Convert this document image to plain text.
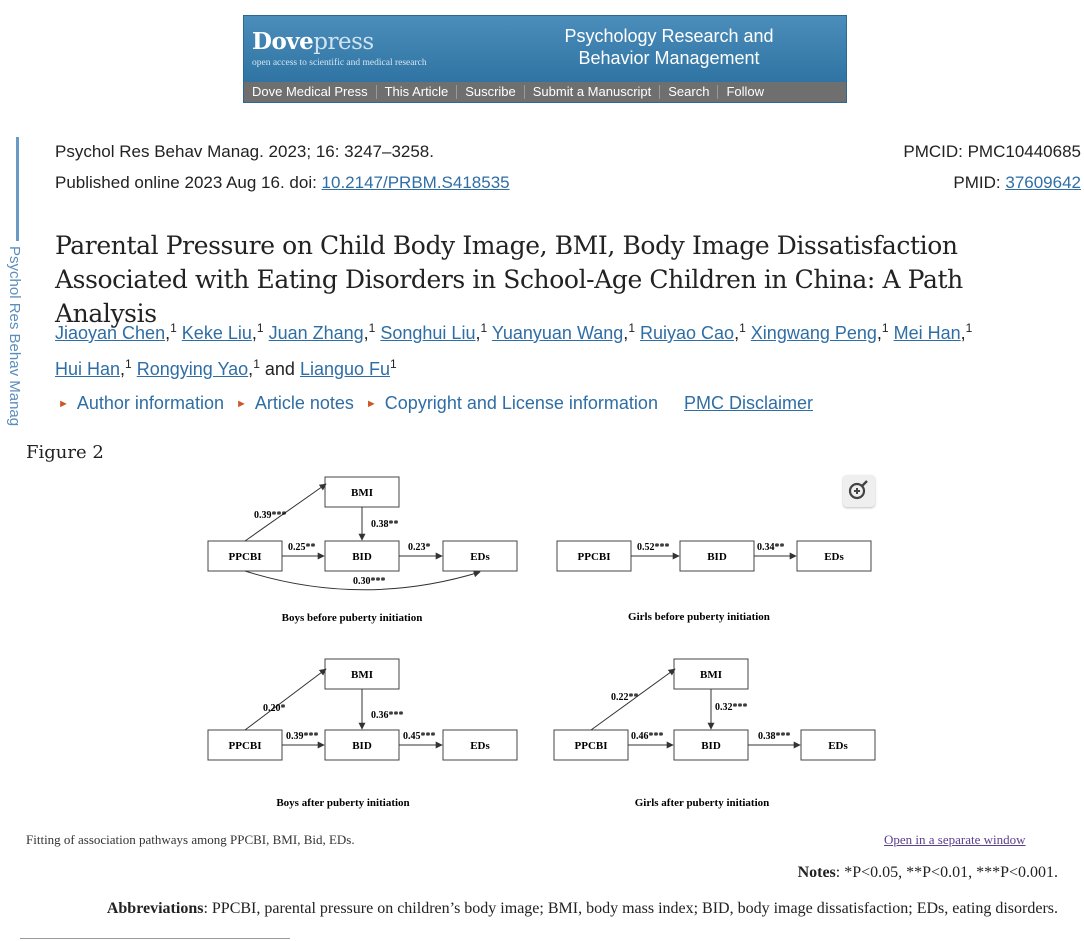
Dovepress
open access to scientific and medical research
Psychology Research and
Behavior Management
Dove Medical Press	This Article	Suscribe	Submit a Manuscript	Search	Follow
Psychol Res Behav Manag
Psychol Res Behav Manag. 2023; 16: 3247–3258.
Published online 2023 Aug 16. doi: 10.2147/PRBM.S418535
PMCID: PMC10440685
PMID: 37609642
Parental Pressure on Child Body Image, BMI, Body Image Dissatisfaction Associated with Eating Disorders in School-Age Children in China: A Path Analysis
Jiaoyan Chen,$^1$ Keke Liu,$^1$ Juan Zhang,$^1$ Songhui Liu,$^1$ Yuanyuan Wang,$^1$ Ruiyao Cao,$^1$ Xingwang Peng,$^1$ Mei Han,$^1$
Hui Han,$^1$ Rongying Yao,$^1$ and Lianguo Fu$^1$
► Author information ► Article notes ► Copyright and License information PMC Disclaimer
Figure 2
PPCBI
BMI
BID	EDs
0.39***
0.38**
0.25**	0.23*
0.30***
Boys before puberty initiation
PPCBI	BID	EDs
0.52***	0.34**
Girls before puberty initiation
PPCBI
BMI
BID	EDs
0.20*
0.36***
0.39***	0.45***
Boys after puberty initiation
PPCBI
BMI
BID	EDs
0.22**
0.32***
0.46***	0.38***
Girls after puberty initiation
Fitting of association pathways among PPCBI, BMI, Bid, EDs.	Open in a separate window
Notes: *P<0.05, **P<0.01, ***P<0.001.
Abbreviations: PPCBI, parental pressure on children’s body image; BMI, body mass index; BID, body image dissatisfaction; EDs, eating disorders.
